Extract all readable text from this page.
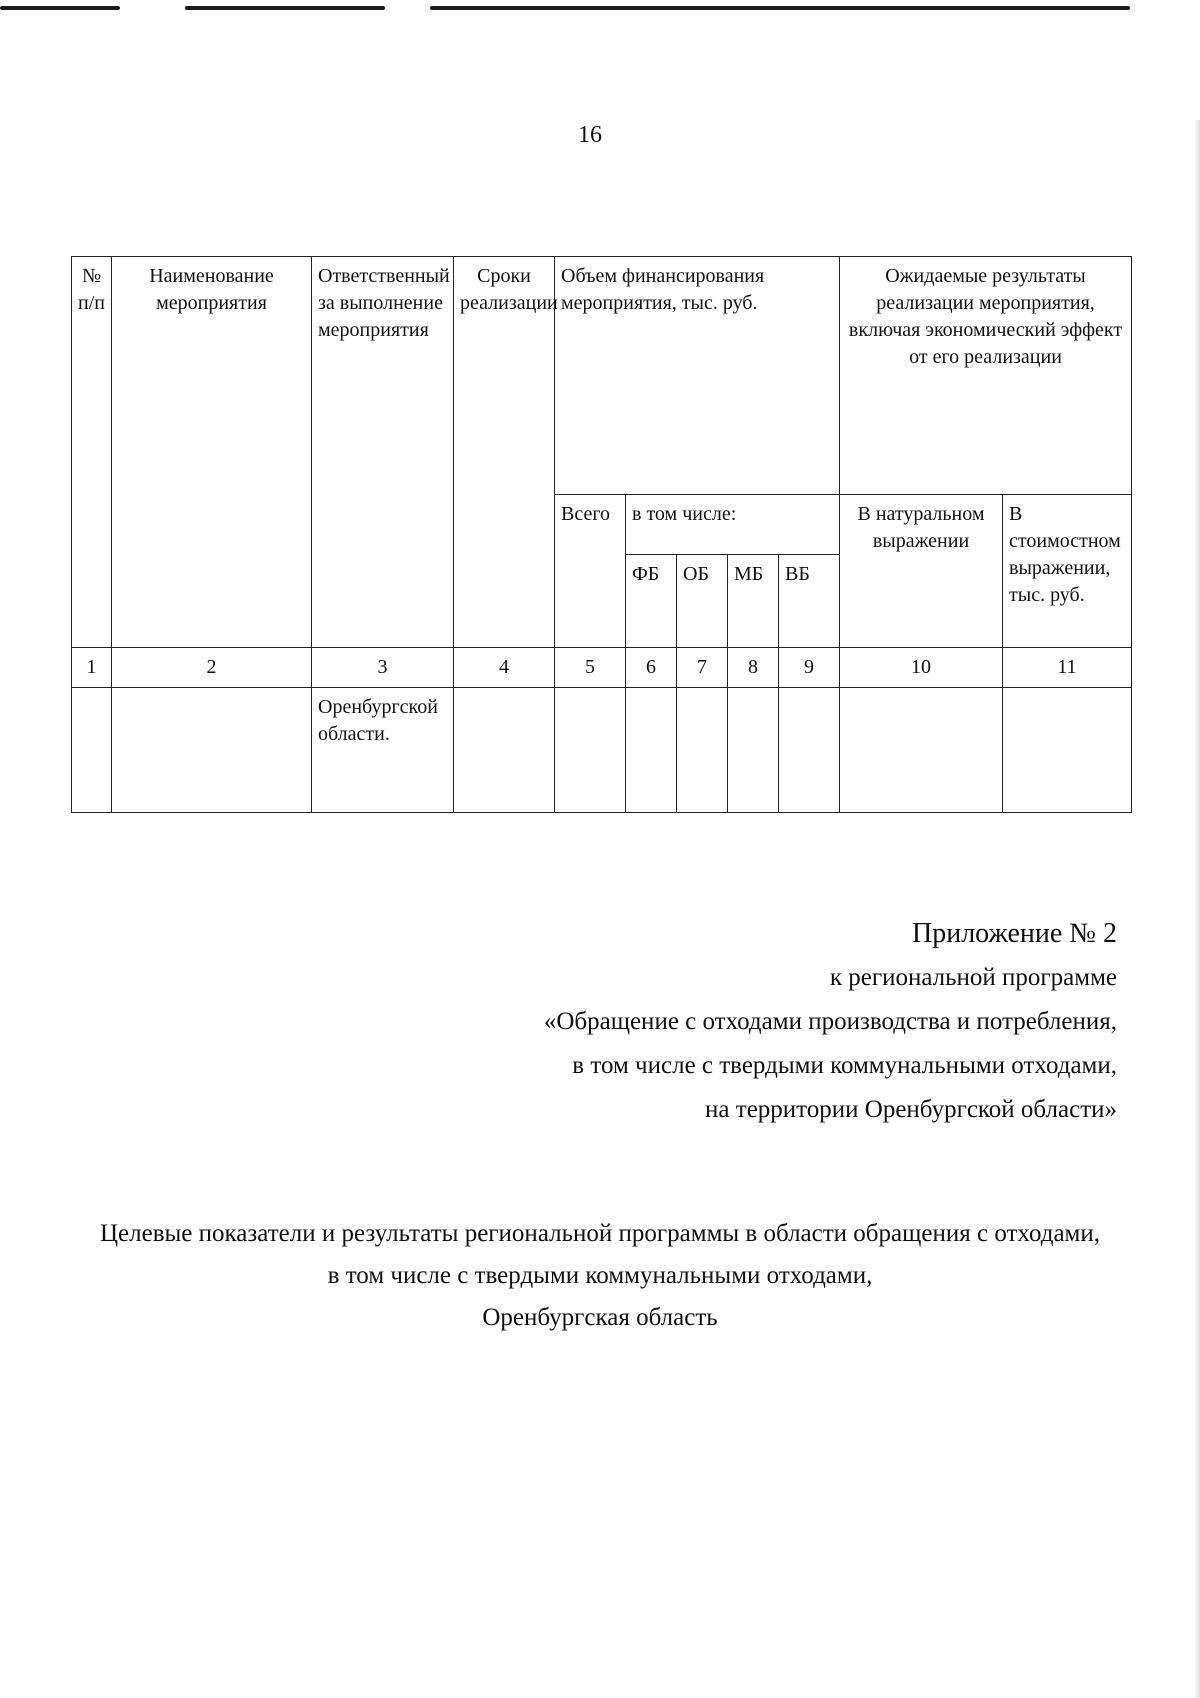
16
№ п/п	Наименование мероприятия	Ответственный за выполнение мероприятия	Сроки реализации	Объем финансирования мероприятия, тыс. руб.					Ожидаемые результаты реализации мероприятия, включая экономический эффект от его реализации	
				Всего	в том числе:				В натуральном выражении	В стоимостном выражении, тыс. руб.
					ФБ	ОБ	МБ	ВБ		
1	2	3	4	5	6	7	8	9	10	11
		Оренбургской области.								
Приложение № 2
к региональной программе
«Обращение с отходами производства и потребления,
в том числе с твердыми коммунальными отходами,
на территории Оренбургской области»
Целевые показатели и результаты региональной программы в области обращения с отходами,
в том числе с твердыми коммунальными отходами,
Оренбургская область
